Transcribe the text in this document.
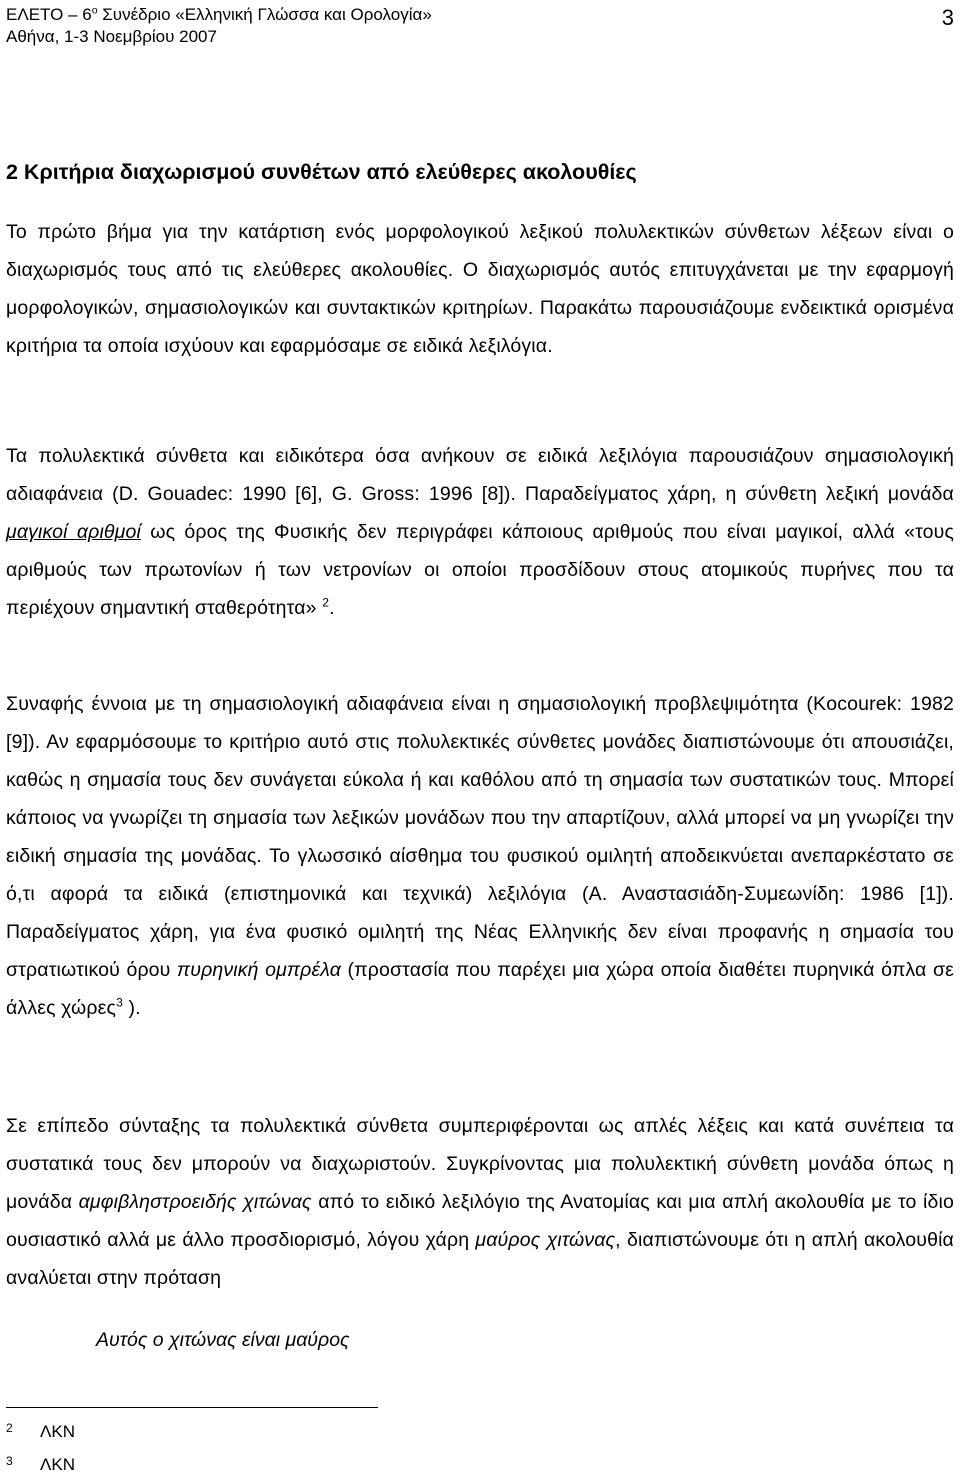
ΕΛΕΤΟ – $6^o$ Συνέδριο «Ελληνική Γλώσσα και Ορολογία»
Αθήνα, 1-3 Νοεμβρίου 2007
3
2 Κριτήρια διαχωρισμού συνθέτων από ελεύθερες ακολουθίες

Το πρώτο βήμα για την κατάρτιση ενός μορφολογικού λεξικού πολυλεκτικών σύνθετων λέξεων είναι ο διαχωρισμός τους από τις ελεύθερες ακολουθίες. Ο διαχωρισμός αυτός επιτυγχάνεται με την εφαρμογή μορφολογικών, σημασιολογικών και συντακτικών κριτηρίων. Παρακάτω παρουσιάζουμε ενδεικτικά ορισμένα κριτήρια τα οποία ισχύουν και εφαρμόσαμε σε ειδικά λεξιλόγια.

Τα πολυλεκτικά σύνθετα και ειδικότερα όσα ανήκουν σε ειδικά λεξιλόγια παρουσιάζουν σημασιολογική αδιαφάνεια (D. Gouadec: 1990 [6], G. Gross: 1996 [8]). Παραδείγματος χάρη, η σύνθετη λεξική μονάδα μαγικοί αριθμοί ως όρος της Φυσικής δεν περιγράφει κάποιους αριθμούς που είναι μαγικοί, αλλά «τους αριθμούς των πρωτονίων ή των νετρονίων οι οποίοι προσδίδουν στους ατομικούς πυρήνες που τα περιέχουν σημαντική σταθερότητα» $^2$.

Συναφής έννοια με τη σημασιολογική αδιαφάνεια είναι η σημασιολογική προβλεψιμότητα (Kocourek: 1982 [9]). Αν εφαρμόσουμε το κριτήριο αυτό στις πολυλεκτικές σύνθετες μονάδες διαπιστώνουμε ότι απουσιάζει, καθώς η σημασία τους δεν συνάγεται εύκολα ή και καθόλου από τη σημασία των συστατικών τους. Μπορεί κάποιος να γνωρίζει τη σημασία των λεξικών μονάδων που την απαρτίζουν, αλλά μπορεί να μη γνωρίζει την ειδική σημασία της μονάδας. Το γλωσσικό αίσθημα του φυσικού ομιλητή αποδεικνύεται ανεπαρκέστατο σε ό,τι αφορά τα ειδικά (επιστημονικά και τεχνικά) λεξιλόγια (Α. Αναστασιάδη-Συμεωνίδη: 1986 [1]). Παραδείγματος χάρη, για ένα φυσικό ομιλητή της Νέας Ελληνικής δεν είναι προφανής η σημασία του στρατιωτικού όρου πυρηνική ομπρέλα (προστασία που παρέχει μια χώρα οποία διαθέτει πυρηνικά όπλα σε άλλες χώρες$^3$ ).

Σε επίπεδο σύνταξης τα πολυλεκτικά σύνθετα συμπεριφέρονται ως απλές λέξεις και κατά συνέπεια τα συστατικά τους δεν μπορούν να διαχωριστούν. Συγκρίνοντας μια πολυλεκτική σύνθετη μονάδα όπως η μονάδα αμφιβληστροειδής χιτώνας από το ειδικό λεξιλόγιο της Ανατομίας και μια απλή ακολουθία με το ίδιο ουσιαστικό αλλά με άλλο προσδιορισμό, λόγου χάρη μαύρος χιτώνας, διαπιστώνουμε ότι η απλή ακολουθία αναλύεται στην πρόταση

Αυτός ο χιτώνας είναι μαύρος

2 ΛΚΝ
3 ΛΚΝ
